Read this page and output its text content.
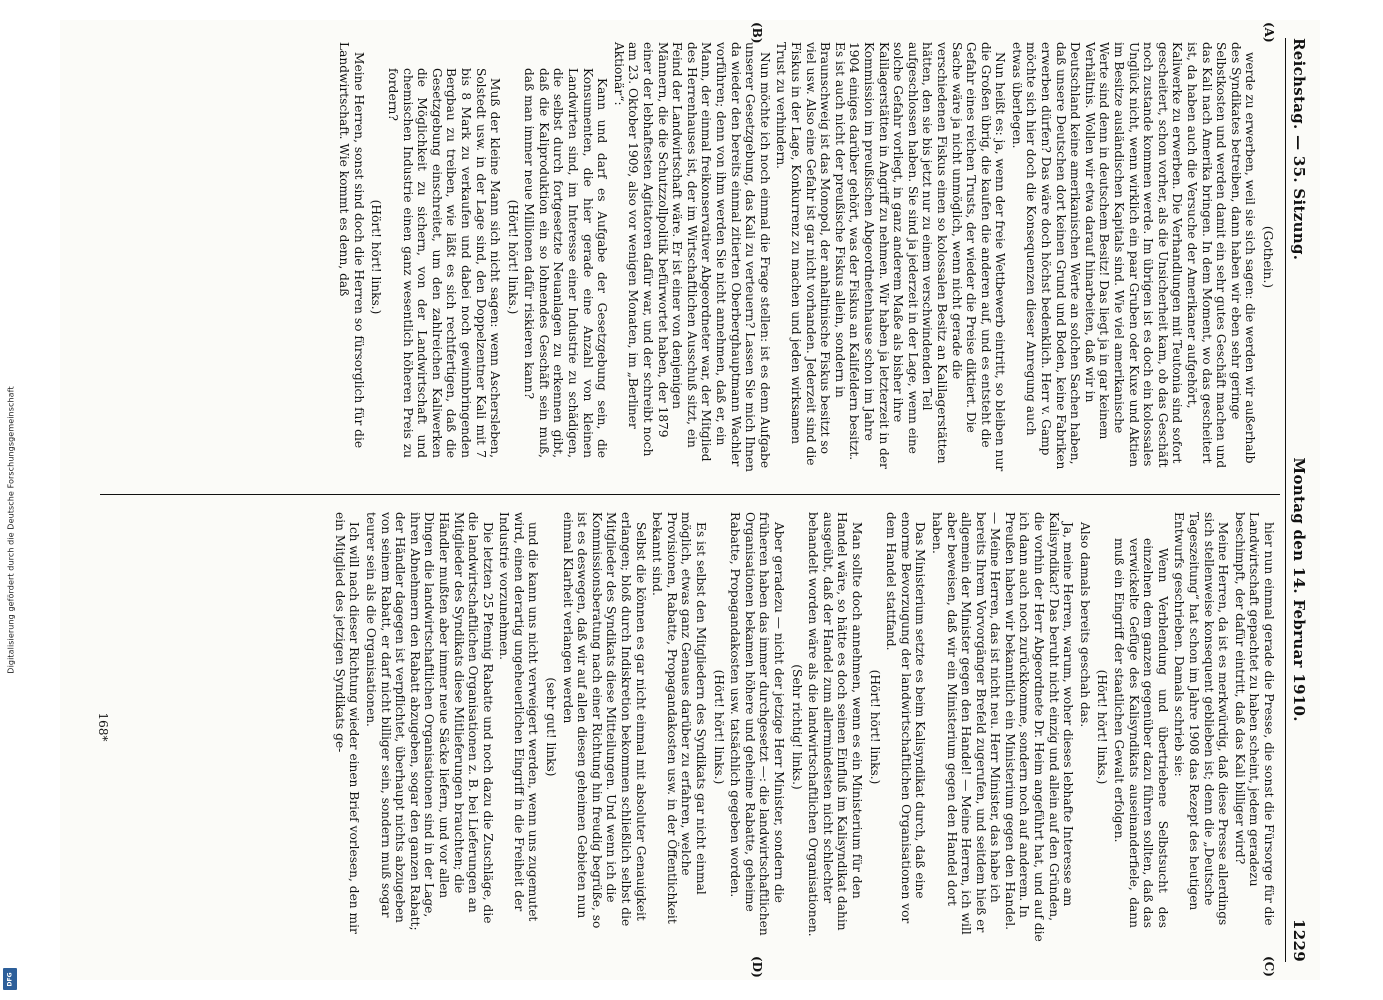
Digitalisierung gefördert durch die Deutsche Forschungsgemeinschaft
DFG
Reichstag. — 35. Sitzung.
Montag den 14. Februar 1910.
1229
(A)
(B)
(C)
(D)

(Gothein.)

werde zu erwerben, weil sie sich sagen: die werden wir außerhalb des Syndikates betreiben, dann haben wir eben sehr geringe Selbstkosten und werden damit ein sehr gutes Geschäft machen und das Kali nach Amerika bringen. In dem Moment, wo das gescheitert ist, da haben auch die Versuche der Amerikaner aufgehört, Kaliwerke zu erwerben. Die Verhandlungen mit Teutonia sind sofort gescheitert, schon vorher, als die Unsicherheit kam, ob das Geschäft noch zustande kommen werde. Im übrigen ist es doch ein kolossales Unglück nicht, wenn wirklich ein paar Gruben oder Kuxe und Aktien im Besitze ausländischen Kapitals sind. Wie viel amerikanische Werte sind denn in deutschem Besitz! Das liegt ja in gar keinem Verhältnis. Wollen wir etwa darauf hinarbeiten, daß wir in Deutschland keine amerikanischen Werte an solchen Sachen haben, daß unsere Deutschen dort keinen Grund und Boden, keine Fabriken erwerben dürfen? Das wäre doch höchst bedenklich. Herr v. Gamp möchte sich hier doch die Konsequenzen dieser Anregung auch etwas überlegen.

Nun heißt es: ja, wenn der freie Wettbewerb eintritt, so bleiben nur die Großen übrig, die kaufen die anderen auf, und es entsteht die Gefahr eines reichen Trusts, der wieder die Preise diktiert. Die Sache wäre ja nicht unmöglich, wenn nicht gerade die verschiedenen Fiskus einen so kolossalen Besitz an Kalilagerstätten hätten, den sie bis jetzt nur zu einem verschwindenden Teil aufgeschlossen haben. Sie sind ja jederzeit in der Lage, wenn eine solche Gefahr vorliegt, in ganz anderem Maße als bisher ihre Kalilagerstätten in Angriff zu nehmen. Wir haben ja letzterzeit in der Kommission im preußischen Abgeordnetenhause schon im Jahre 1904 einiges darüber gehört, was der Fiskus an Kalifeldern besitzt. Es ist auch nicht der preußische Fiskus allein, sondern in Braunschweig ist das Monopol, der anhaltinische Fiskus besitzt so viel usw. Also eine Gefahr ist gar nicht vorhanden. Jederzeit sind die Fiskus in der Lage, Konkurrenz zu machen und jeden wirksamen Trust zu verhindern.

Nun möchte ich noch einmal die Frage stellen: ist es denn Aufgabe unserer Gesetzgebung, das Kali zu verteuern? Lassen Sie mich Ihnen da wieder den bereits einmal zitierten Oberberghauptmann Wachler vorführen; denn von ihm werden Sie nicht annehmen, daß er, ein Mann, der einmal freikonservativer Abgeordneter war, der Mitglied des Herrenhauses ist, der im Wirtschaftlichen Ausschuß sitzt, ein Feind der Landwirtschaft wäre. Er ist einer von denjenigen Männern, die die Schutzzollpolitik befürwortet haben, der 1879 einer der lebhaftesten Agitatoren dafür war, und der schreibt noch am 23. Oktober 1909, also vor wenigen Monaten, im „Berliner Aktionär“:

Kann und darf es Aufgabe der Gesetzgebung sein, die Konsumenten, die hier gerade eine Anzahl von kleinen Landwirten sind, im Interesse einer Industrie zu schädigen, die selbst durch fortgesetzte Neuanlagen zu erkennen gibt, daß die Kaliproduktion ein so lohnendes Geschäft sein muß, daß man immer neue Millionen dafür riskieren kann?

(Hört! hört! links.)

Muß der kleine Mann sich nicht sagen: wenn Aschersleben, Solstedt usw. in der Lage sind, den Doppelzentner Kali mit 7 bis 8 Mark zu verkaufen und dabei noch gewinnbringenden Bergbau zu treiben, wie läßt es sich rechtfertigen, daß die Gesetzgebung einschreitet, um den zahlreichen Kaliwerken die Möglichkeit zu sichern, von der Landwirtschaft und chemischen Industrie einen ganz wesentlich höheren Preis zu fordern?

(Hört! hört! links.)

Meine Herren, sonst sind doch die Herren so fürsorglich für die Landwirtschaft. Wie kommt es denn, daß

hier nun einmal gerade die Presse, die sonst die Fürsorge für die Landwirtschaft gepachtet zu haben scheint, jedem geradezu beschimpft, der dafür eintritt, daß das Kali billiger wird?

Meine Herren, da ist es merkwürdig, daß diese Presse allerdings sich stellenweise konsequent geblieben ist; denn die „Deutsche Tageszeitung“ hat schon im Jahre 1908 das Rezept des heutigen Entwurfs geschrieben. Damals schrieb sie:

Wenn Verblendung und übertriebene Selbstsucht des einzelnen dem ganzen gegenüber dazu führen sollten, daß das verwickelte Gefüge des Kalisyndikats auseinanderfiele, dann muß ein Eingriff der staatlichen Gewalt erfolgen.

(Hört! hört! links.)

Also damals bereits geschah das.

Ja, meine Herren, warum, woher dieses lebhafte Interesse am Kalisyndikat? Das beruht nicht einzig und allein auf den Gründen, die vorhin der Herr Abgeordnete Dr. Heim angeführt hat, und auf die ich dann auch noch zurückkomme, sondern noch auf anderem. In Preußen haben wir bekanntlich ein Ministerium gegen den Handel. — Meine Herren, das ist nicht neu. Herr Minister, das habe ich bereits Ihrem Vorvorgänger Brefeld zugerufen, und seitdem hieß er allgemein der Minister gegen den Handel! — Meine Herren, ich will aber beweisen, daß wir ein Ministerium gegen den Handel dort haben.

Das Ministerium setzte es beim Kalisyndikat durch, daß eine enorme Bevorzugung der landwirtschaftlichen Organisationen vor dem Handel stattfand.

(Hört! hört! links.)

Man sollte doch annehmen, wenn es ein Ministerium für den Handel wäre, so hätte es doch seinen Einfluß im Kalisyndikat dahin ausgeübt, daß der Handel zum allermindesten nicht schlechter behandelt worden wäre als die landwirtschaftlichen Organisationen.

(Sehr richtig! links.)

Aber geradezu — nicht der jetzige Herr Minister, sondern die früheren haben das immer durchgesetzt —: die landwirtschaftlichen Organisationen bekamen höhere und geheime Rabatte, geheime Rabatte, Propagandakosten usw. tatsächlich gegeben worden.

(Hört! hört! links.)

Es ist selbst den Mitgliedern des Syndikats gar nicht einmal möglich, etwas ganz Genaues darüber zu erfahren, welche Provisionen, Rabatte, Propagandakosten usw. in der Öffentlichkeit bekannt sind.

Selbst die können es gar nicht einmal mit absoluter Genauigkeit erlangen; bloß durch Indiskretion bekommen schließlich selbst die Mitglieder des Syndikats diese Mitteilungen. Und wenn ich die Kommissionsberatung nach einer Richtung hin freudig begrüße, so ist es deswegen, daß wir auf allen diesen geheimen Gebieten nun einmal Klarheit verlangen werden

(sehr gut! links)

und die kann uns nicht verweigert werden, wenn uns zugemutet wird, einen derartig ungeheuerlichen Eingriff in die Freiheit der Industrie vorzunehmen.

Die letzten 25 Pfennig Rabatte und noch dazu die Zuschläge, die die landwirtschaftlichen Organisationen z. B. bei Lieferungen an Mitglieder des Syndikats diese Mitlieferungen brauchten; die Händler mußten aber immer neue Säcke liefern, und vor allen Dingen die landwirtschaftlichen Organisationen sind in der Lage, ihren Abnehmern den Rabatt abzugeben, sogar den ganzen Rabatt; der Händler dagegen ist verpflichtet, überhaupt nichts abzugeben von seinem Rabatt, er darf nicht billiger sein, sondern muß sogar teurer sein als die Organisationen.

Ich will nach dieser Richtung wieder einen Brief vorlesen, den mir ein Mitglied des jetzigen Syndikats ge-

168*
